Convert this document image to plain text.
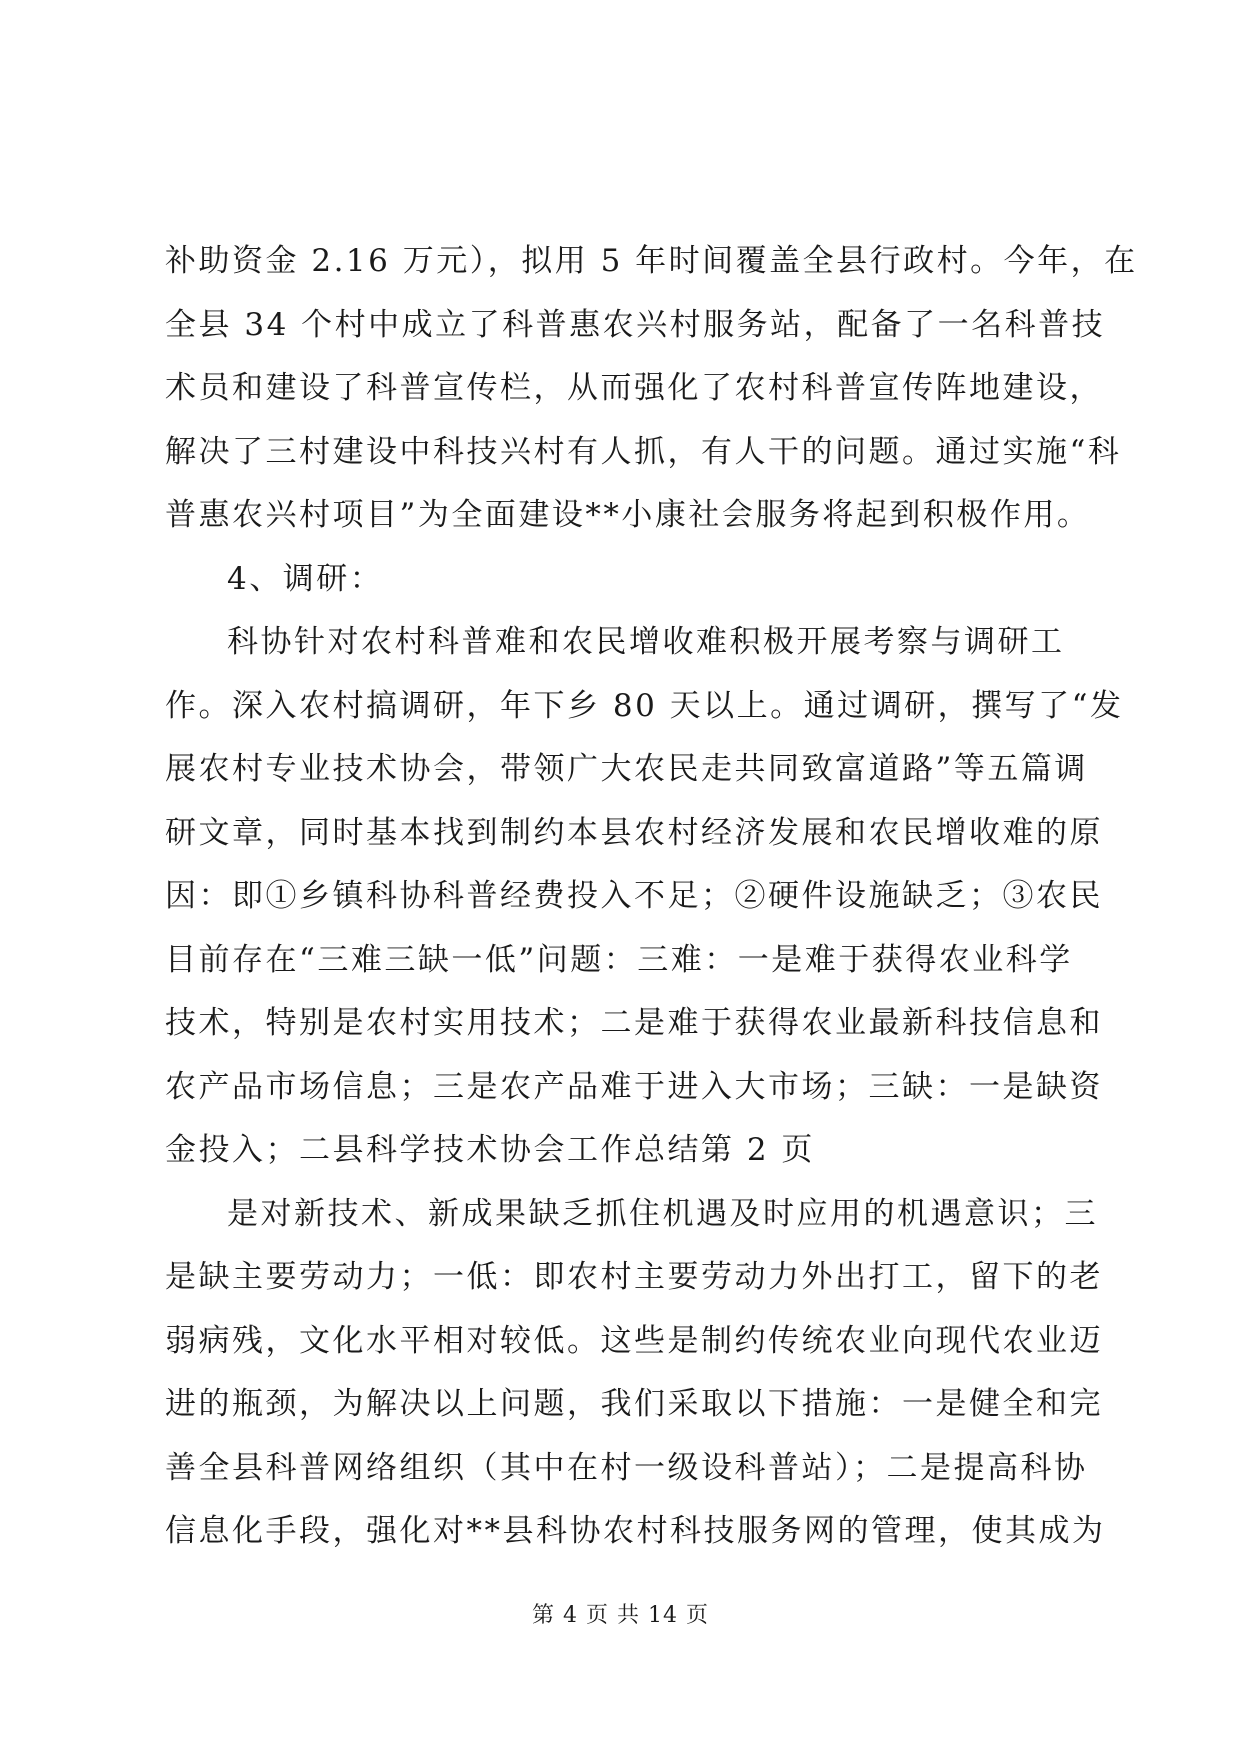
补助资金 2.16 万元），拟用 5 年时间覆盖全县行政村。今年，在
全县 34 个村中成立了科普惠农兴村服务站，配备了一名科普技
术员和建设了科普宣传栏，从而强化了农村科普宣传阵地建设，
解决了三村建设中科技兴村有人抓，有人干的问题。通过实施“科
普惠农兴村项目”为全面建设**小康社会服务将起到积极作用。
4、调研：
科协针对农村科普难和农民增收难积极开展考察与调研工
作。深入农村搞调研，年下乡 80 天以上。通过调研，撰写了“发
展农村专业技术协会，带领广大农民走共同致富道路”等五篇调
研文章，同时基本找到制约本县农村经济发展和农民增收难的原
因：即①乡镇科协科普经费投入不足；②硬件设施缺乏；③农民
目前存在“三难三缺一低”问题：三难：一是难于获得农业科学
技术，特别是农村实用技术；二是难于获得农业最新科技信息和
农产品市场信息；三是农产品难于进入大市场；三缺：一是缺资
金投入；二县科学技术协会工作总结第 2 页
是对新技术、新成果缺乏抓住机遇及时应用的机遇意识；三
是缺主要劳动力；一低：即农村主要劳动力外出打工，留下的老
弱病残，文化水平相对较低。这些是制约传统农业向现代农业迈
进的瓶颈，为解决以上问题，我们采取以下措施：一是健全和完
善全县科普网络组织（其中在村一级设科普站）；二是提高科协
信息化手段，强化对**县科协农村科技服务网的管理，使其成为
第 4 页 共 14 页
